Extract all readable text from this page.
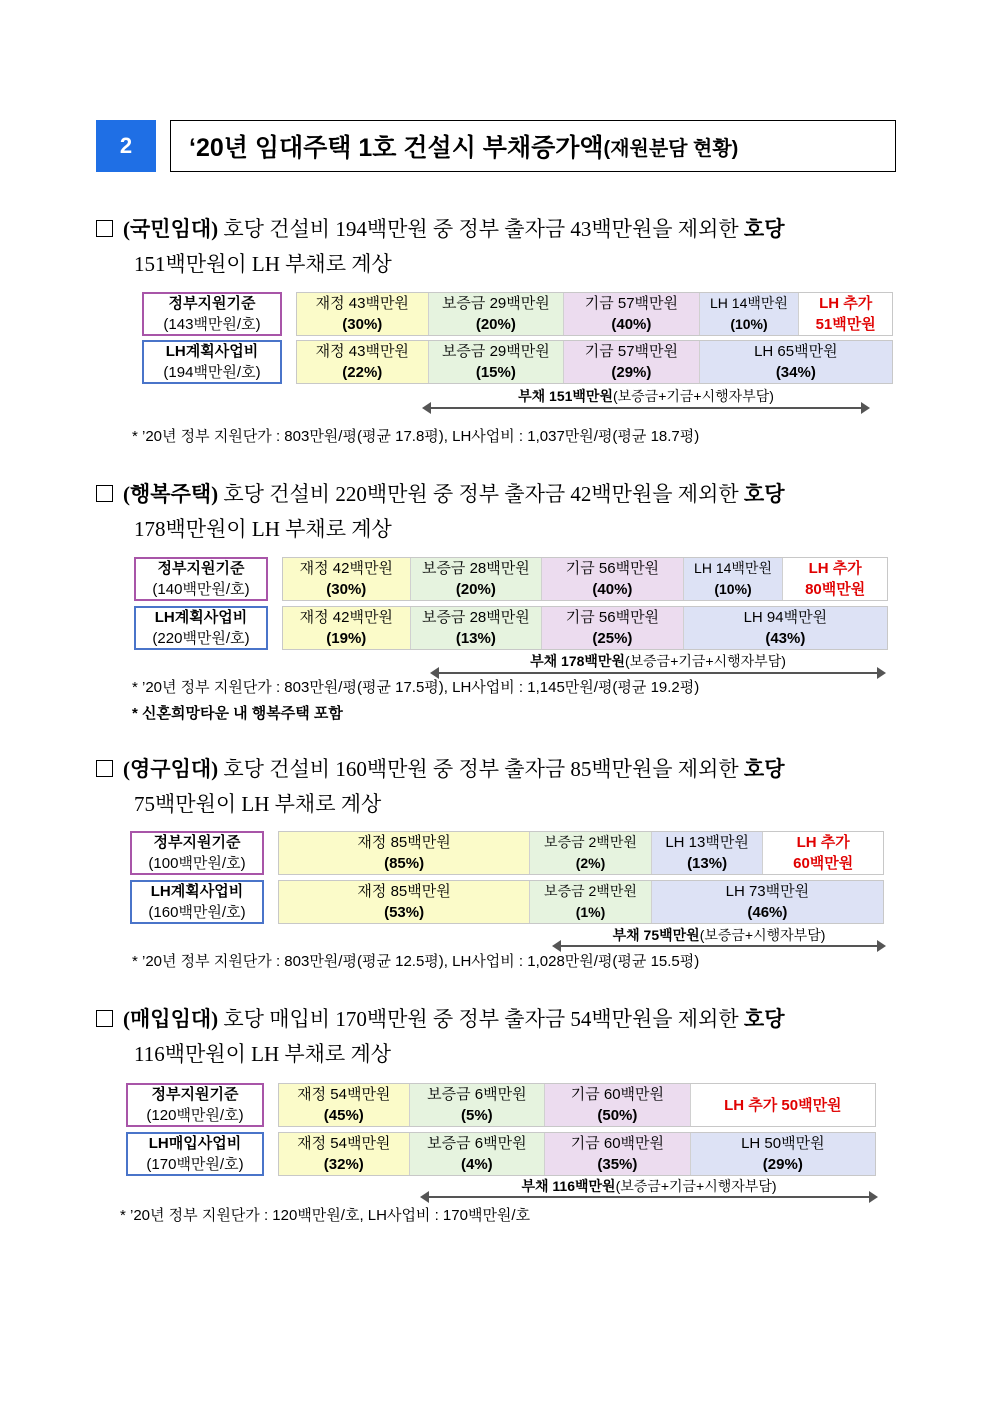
2	‘20년 임대주택 1호 건설시 부채증가액 (재원분담 현황)
(국민임대) 호당 건설비 194백만원 중 정부 출자금 43백만원을 제외한 호당
151백만원이 LH 부채로 계상
정부지원기준
(143백만원/호)
재정 43백만원
(30%)
보증금 29백만원
(20%)
기금 57백만원
(40%)
LH 14백만원
(10%)
LH 추가
51백만원
LH계획사업비
(194백만원/호)
재정 43백만원
(22%)
보증금 29백만원
(15%)
기금 57백만원
(29%)
LH 65백만원
(34%)
부채 151백만원(보증금+기금+시행자부담)
* ’20년 정부 지원단가 : 803만원/평(평균 17.8평), LH사업비 : 1,037만원/평(평균 18.7평)
(행복주택) 호당 건설비 220백만원 중 정부 출자금 42백만원을 제외한 호당
178백만원이 LH 부채로 계상
정부지원기준
(140백만원/호)
재정 42백만원
(30%)
보증금 28백만원
(20%)
기금 56백만원
(40%)
LH 14백만원
(10%)
LH 추가
80백만원
LH계획사업비
(220백만원/호)
재정 42백만원
(19%)
보증금 28백만원
(13%)
기금 56백만원
(25%)
LH 94백만원
(43%)
부채 178백만원(보증금+기금+시행자부담)
* ’20년 정부 지원단가 : 803만원/평(평균 17.5평), LH사업비 : 1,145만원/평(평균 19.2평)
* 신혼희망타운 내 행복주택 포함
(영구임대) 호당 건설비 160백만원 중 정부 출자금 85백만원을 제외한 호당
75백만원이 LH 부채로 계상
정부지원기준
(100백만원/호)
재정 85백만원
(85%)
보증금 2백만원
(2%)
LH 13백만원
(13%)
LH 추가
60백만원
LH계획사업비
(160백만원/호)
재정 85백만원
(53%)
보증금 2백만원
(1%)
LH 73백만원
(46%)
부채 75백만원(보증금+시행자부담)
* ’20년 정부 지원단가 : 803만원/평(평균 12.5평), LH사업비 : 1,028만원/평(평균 15.5평)
(매입임대) 호당 매입비 170백만원 중 정부 출자금 54백만원을 제외한 호당
116백만원이 LH 부채로 계상
정부지원기준
(120백만원/호)
재정 54백만원
(45%)
보증금 6백만원
(5%)
기금 60백만원
(50%)
LH 추가 50백만원
LH매입사업비
(170백만원/호)
재정 54백만원
(32%)
보증금 6백만원
(4%)
기금 60백만원
(35%)
LH 50백만원
(29%)
부채 116백만원(보증금+기금+시행자부담)
* ’20년 정부 지원단가 : 120백만원/호, LH사업비 : 170백만원/호
